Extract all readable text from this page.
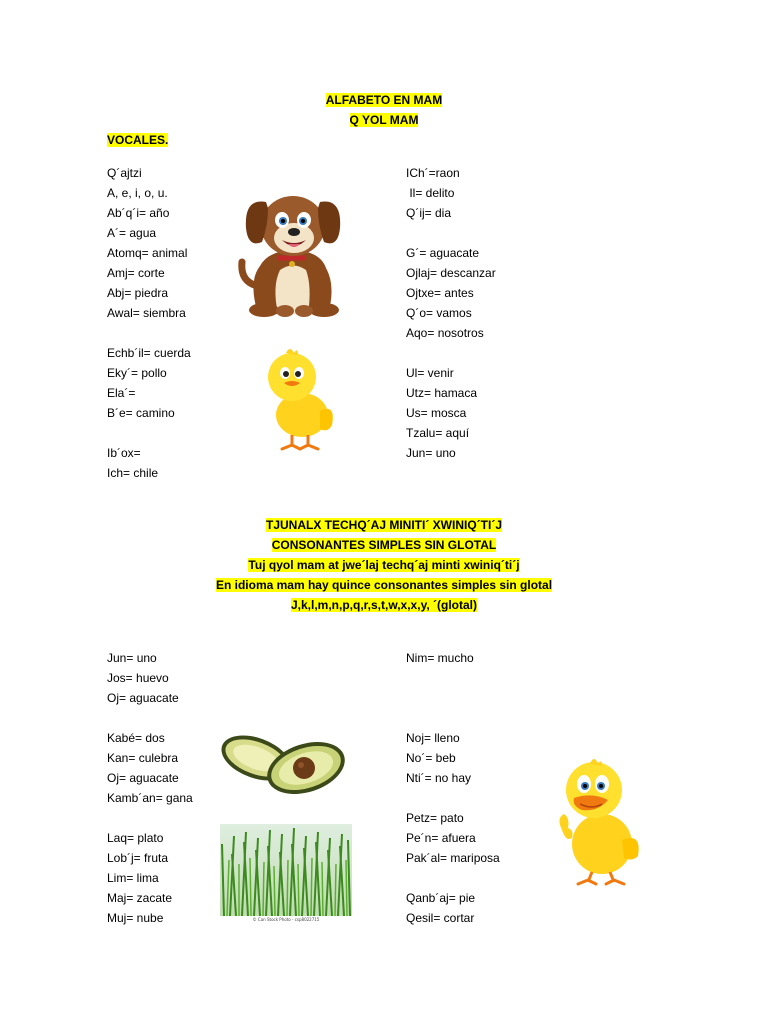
ALFABETO EN MAM
Q YOL MAM
VOCALES.
Q´ajtzi
A, e, i, o, u.
Ab´q´i= año
A´= agua
Atomq= animal
Amj= corte
Abj= piedra
Awal= siembra
Echb´il= cuerda
Eky´= pollo
Ela´=
B´e= camino
Ib´ox=
Ich= chile
ICh´=raon
Il= delito
Q´ij= dia
G´= aguacate
Ojlaj= descanzar
Ojtxe= antes
Q´o= vamos
Aqo= nosotros
Ul= venir
Utz= hamaca
Us= mosca
Tzalu= aquí
Jun= uno
TJUNALX TECHQ´AJ MINITI´ XWINIQ´TI´J
CONSONANTES SIMPLES SIN GLOTAL
Tuj qyol mam at jwe´laj techq´aj minti xwiniq´ti´j
En idioma mam hay quince consonantes simples sin glotal
J,k,l,m,n,p,q,r,s,t,w,x,x,y, ´(glotal)
Jun= uno
Jos= huevo
Oj= aguacate
Kabé= dos
Kan= culebra
Oj= aguacate
Kamb´an= gana
Laq= plato
Lob´j= fruta
Lim= lima
Maj= zacate
Muj= nube
Nim= mucho
Noj= lleno
No´= beb
Nti´= no hay
Petz= pato
Pe´n= afuera
Pak´al= mariposa
Qanb´aj= pie
Qesil= cortar
© Can Stock Photo - csp8022715
